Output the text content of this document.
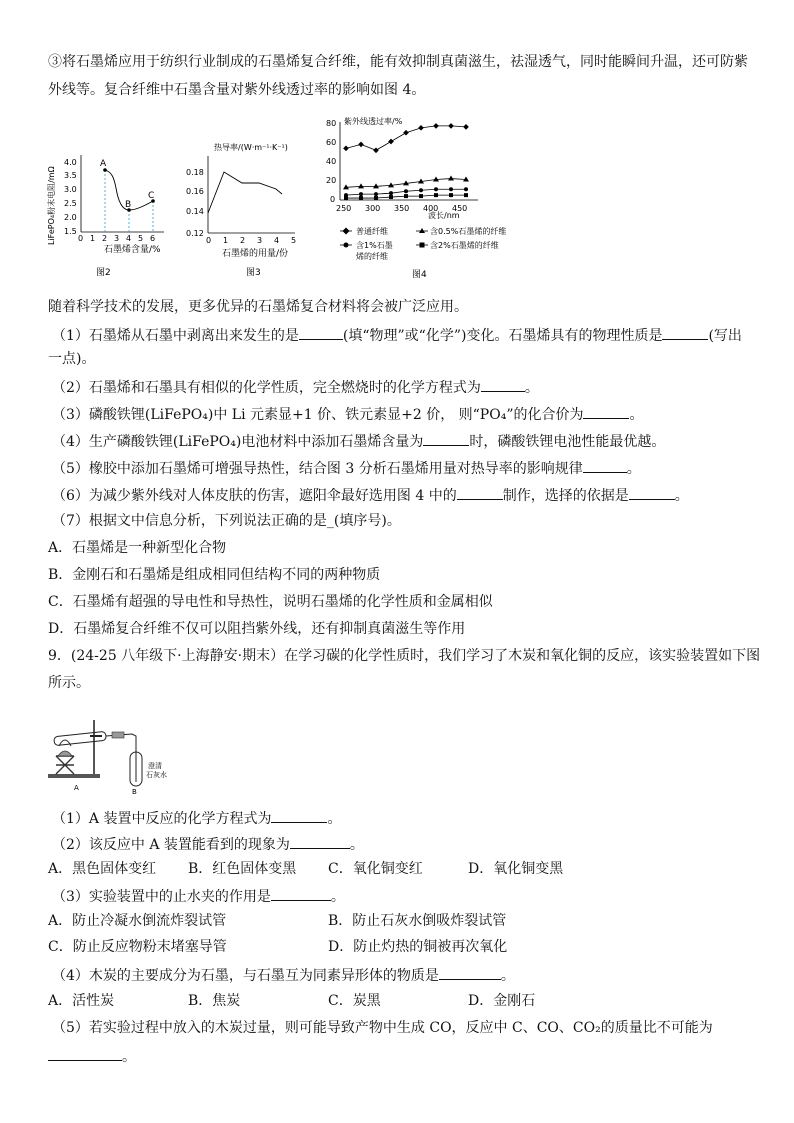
③将石墨烯应用于纺织行业制成的石墨烯复合纤维，能有效抑制真菌滋生，祛湿透气，同时能瞬间升温，还可防紫
外线等。复合纤维中石墨含量对紫外线透过率的影响如图 4。
LiFePO₄粉末电阻/mΩ
4.0
3.5
3.0
2.5
2.0
1.5
0 1 2 3 4 5 6
A
B
C
石墨烯含量/%
图2
热导率/(W·m⁻¹·K⁻¹)
0.18
0.16
0.14
0.12
0 1 2 3 4 5
石墨烯的用量/份
图3
紫外线透过率/%
80
60
40
20
0
250 300 350 400 450
波长/nm
普通纤维	含0.5%石墨烯的纤维
含1%石墨
烯的纤维
含2%石墨烯的纤维
图4
随着科学技术的发展，更多优异的石墨烯复合材料将会被广泛应用。
（1）石墨烯从石墨中剥离出来发生的是	(填“物理”或“化学”)变化。石墨烯具有的物理性质是	(写出
一点)。
（2）石墨烯和石墨具有相似的化学性质，完全燃烧时的化学方程式为	。
（3）磷酸铁锂(LiFePO₄)中 Li 元素显+1 价、铁元素显+2 价， 则“PO₄”的化合价为	。
（4）生产磷酸铁锂(LiFePO₄)电池材料中添加石墨烯含量为	时，磷酸铁锂电池性能最优越。
（5）橡胶中添加石墨烯可增强导热性，结合图 3 分析石墨烯用量对热导率的影响规律	。
（6）为减少紫外线对人体皮肤的伤害，遮阳伞最好选用图 4 中的	制作，选择的依据是	。
（7）根据文中信息分析，下列说法正确的是_(填序号)。
A．石墨烯是一种新型化合物
B．金刚石和石墨烯是组成相同但结构不同的两种物质
C．石墨烯有超强的导电性和导热性，说明石墨烯的化学性质和金属相似
D．石墨烯复合纤维不仅可以阻挡紫外线，还有抑制真菌滋生等作用
9．(24-25 八年级下·上海静安·期末）在学习碳的化学性质时，我们学习了木炭和氧化铜的反应，该实验装置如下图
所示。
A	B
澄清
石灰水
（1）A 装置中反应的化学方程式为	。
（2）该反应中 A 装置能看到的现象为	。
A．黑色固体变红 B．红色固体变黑 C．氧化铜变红	D．氧化铜变黑
（3）实验装置中的止水夹的作用是	。
A．防止冷凝水倒流炸裂试管	B．防止石灰水倒吸炸裂试管
C．防止反应物粉末堵塞导管	D．防止灼热的铜被再次氧化
（4）木炭的主要成分为石墨，与石墨互为同素异形体的物质是	。
A．活性炭	B．焦炭	C．炭黑	D．金刚石
（5）若实验过程中放入的木炭过量，则可能导致产物中生成 CO，反应中 C、CO、CO₂的质量比不可能为
。
